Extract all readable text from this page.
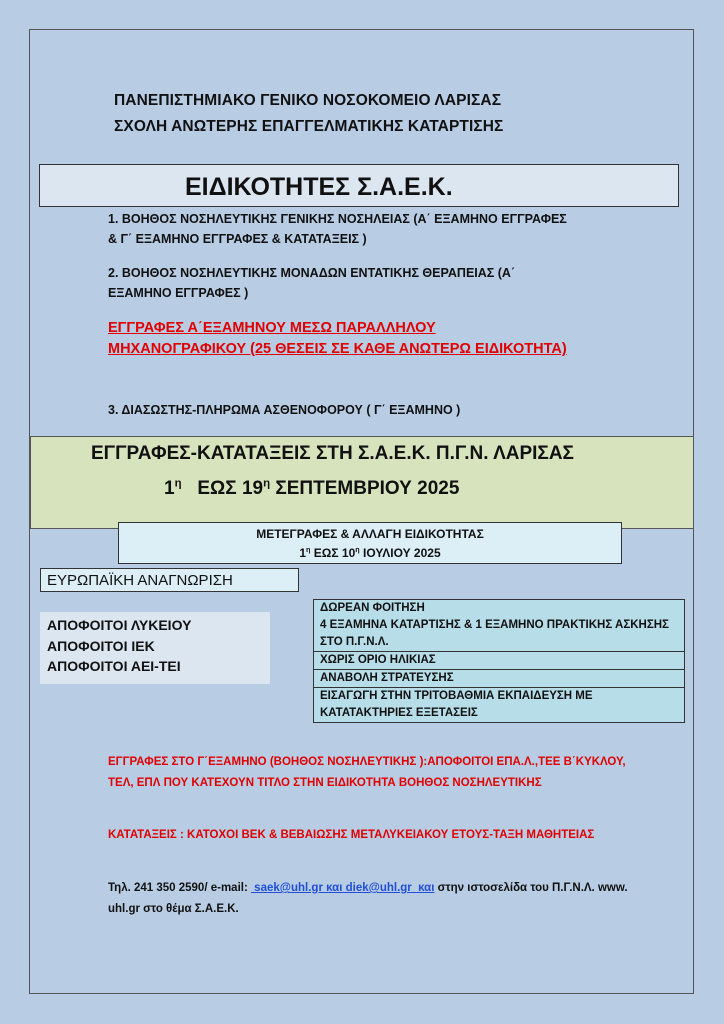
ΠΑΝΕΠΙΣΤΗΜΙΑΚΟ ΓΕΝΙΚΟ ΝΟΣΟΚΟΜΕΙΟ ΛΑΡΙΣΑΣ
ΣΧΟΛΗ ΑΝΩΤΕΡΗΣ ΕΠΑΓΓΕΛΜΑΤΙΚΗΣ ΚΑΤΑΡΤΙΣΗΣ
ΕΙΔΙΚΟΤΗΤΕΣ Σ.Α.Ε.Κ.
1. ΒΟΗΘΟΣ ΝΟΣΗΛΕΥΤΙΚΗΣ ΓΕΝΙΚΗΣ ΝΟΣΗΛΕΙΑΣ (Α΄ ΕΞΑΜΗΝΟ ΕΓΓΡΑΦΕΣ & Γ΄ ΕΞΑΜΗΝΟ ΕΓΓΡΑΦΕΣ & ΚΑΤΑΤΑΞΕΙΣ )
2. ΒΟΗΘΟΣ ΝΟΣΗΛΕΥΤΙΚΗΣ ΜΟΝΑΔΩΝ ΕΝΤΑΤΙΚΗΣ ΘΕΡΑΠΕΙΑΣ (Α΄ ΕΞΑΜΗΝΟ ΕΓΓΡΑΦΕΣ )
ΕΓΓΡΑΦΕΣ Α΄ΕΞΑΜΗΝΟΥ ΜΕΣΩ ΠΑΡΑΛΛΗΛΟΥ ΜΗΧΑΝΟΓΡΑΦΙΚΟΥ (25 ΘΕΣΕΙΣ ΣΕ ΚΑΘΕ ΑΝΩΤΕΡΩ ΕΙΔΙΚΟΤΗΤΑ)
3. ΔΙΑΣΩΣΤΗΣ-ΠΛΗΡΩΜΑ ΑΣΘΕΝΟΦΟΡΟΥ ( Γ΄ ΕΞΑΜΗΝΟ )
ΕΓΓΡΑΦΕΣ-ΚΑΤΑΤΑΞΕΙΣ ΣΤΗ Σ.Α.Ε.Κ. Π.Γ.Ν. ΛΑΡΙΣΑΣ
$1^\eta$   ΕΩΣ $19^\eta$ ΣΕΠΤΕΜΒΡΙΟΥ 2025
ΜΕΤΕΓΡΑΦΕΣ & ΑΛΛΑΓΗ ΕΙΔΙΚΟΤΗΤΑΣ
$1^\eta$ ΕΩΣ $10^\eta$ ΙΟΥΛΙΟΥ 2025
ΕΥΡΩΠΑΪΚΗ ΑΝΑΓΝΩΡΙΣΗ
ΑΠΟΦΟΙΤΟΙ ΛΥΚΕΙΟΥ
ΑΠΟΦΟΙΤΟΙ ΙΕΚ
ΑΠΟΦΟΙΤΟΙ ΑΕΙ-ΤΕΙ
ΔΩΡΕΑΝ ΦΟΙΤΗΣΗ
4 ΕΞΑΜΗΝΑ ΚΑΤΑΡΤΙΣΗΣ & 1 ΕΞΑΜΗΝΟ ΠΡΑΚΤΙΚΗΣ ΑΣΚΗΣΗΣ ΣΤΟ Π.Γ.Ν.Λ.
ΧΩΡΙΣ ΟΡΙΟ ΗΛΙΚΙΑΣ
ΑΝΑΒΟΛΗ ΣΤΡΑΤΕΥΣΗΣ
ΕΙΣΑΓΩΓΗ ΣΤΗΝ ΤΡΙΤΟΒΑΘΜΙΑ ΕΚΠΑΙΔΕΥΣΗ ΜΕ ΚΑΤΑΤΑΚΤΗΡΙΕΣ ΕΞΕΤΑΣΕΙΣ
ΕΓΓΡΑΦΕΣ ΣΤΟ Γ΄ΕΞΑΜΗΝΟ (ΒΟΗΘΟΣ ΝΟΣΗΛΕΥΤΙΚΗΣ ):ΑΠΟΦΟΙΤΟΙ ΕΠΑ.Λ.,ΤΕΕ Β΄ΚΥΚΛΟΥ, ΤΕΛ, ΕΠΛ ΠΟΥ ΚΑΤΕΧΟΥΝ ΤΙΤΛΟ ΣΤΗΝ ΕΙΔΙΚΟΤΗΤΑ ΒΟΗΘΟΣ ΝΟΣΗΛΕΥΤΙΚΗΣ
ΚΑΤΑΤΑΞΕΙΣ : ΚΑΤΟΧΟΙ ΒΕΚ & ΒΕΒΑΙΩΣΗΣ ΜΕΤΑΛΥΚΕΙΑΚΟΥ ΕΤΟΥΣ-ΤΑΞΗ ΜΑΘΗΤΕΙΑΣ
Τηλ. 241 350 2590/ e-mail:  saek@uhl.gr και diek@uhl.gr  και στην ιστοσελίδα του Π.Γ.Ν.Λ. www. uhl.gr στο θέμα Σ.Α.Ε.Κ.
